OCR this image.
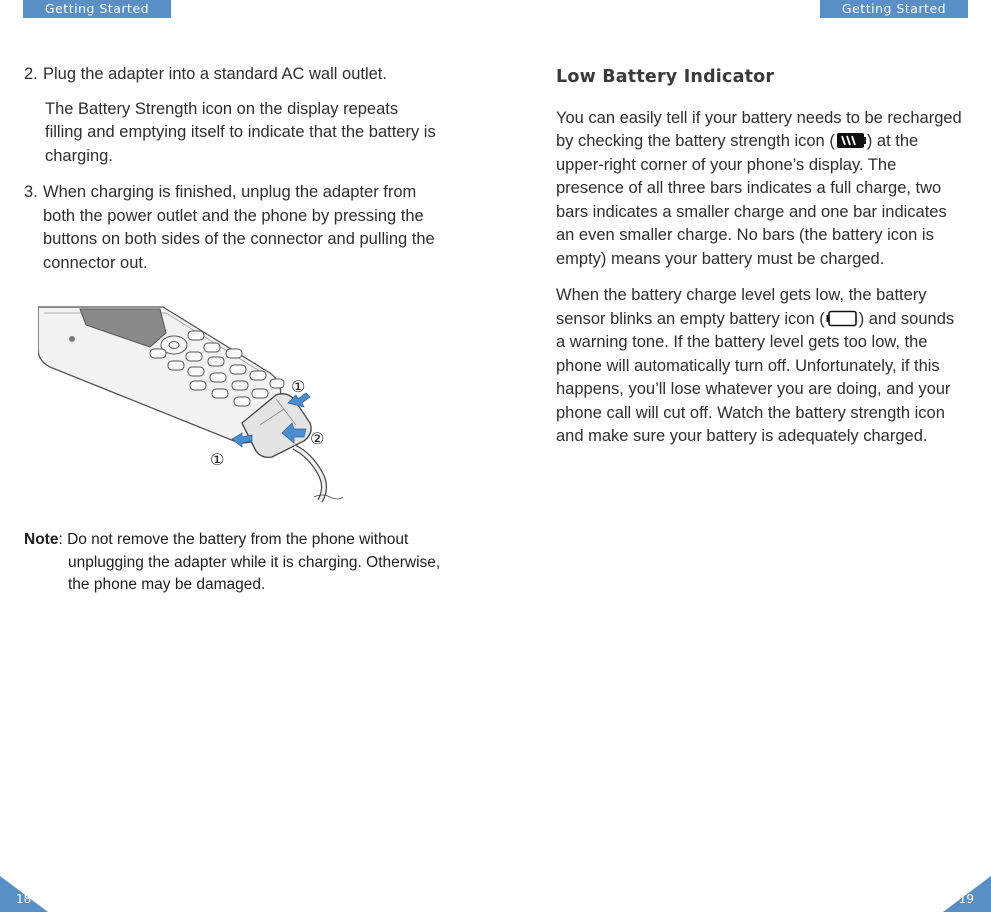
Getting Started	Getting Started
2. Plug the adapter into a standard AC wall outlet.

The Battery Strength icon on the display repeats filling and emptying itself to indicate that the battery is charging.

3. When charging is finished, unplug the adapter from both the power outlet and the phone by pressing the buttons on both sides of the connector and pulling the connector out.
①
②
①
Note: Do not remove the battery from the phone without
unplugging the adapter while it is charging. Otherwise, the phone may be damaged.
Low Battery Indicator

You can easily tell if your battery needs to be recharged by checking the battery strength icon ( ) at the upper-right corner of your phone’s display. The presence of all three bars indicates a full charge, two bars indicates a smaller charge and one bar indicates an even smaller charge. No bars (the battery icon is empty) means your battery must be charged.

When the battery charge level gets low, the battery sensor blinks an empty battery icon ( ) and sounds a warning tone. If the battery level gets too low, the phone will automatically turn off. Unfortunately, if this happens, you’ll lose whatever you are doing, and your phone call will cut off. Watch the battery strength icon and make sure your battery is adequately charged.

18	19
